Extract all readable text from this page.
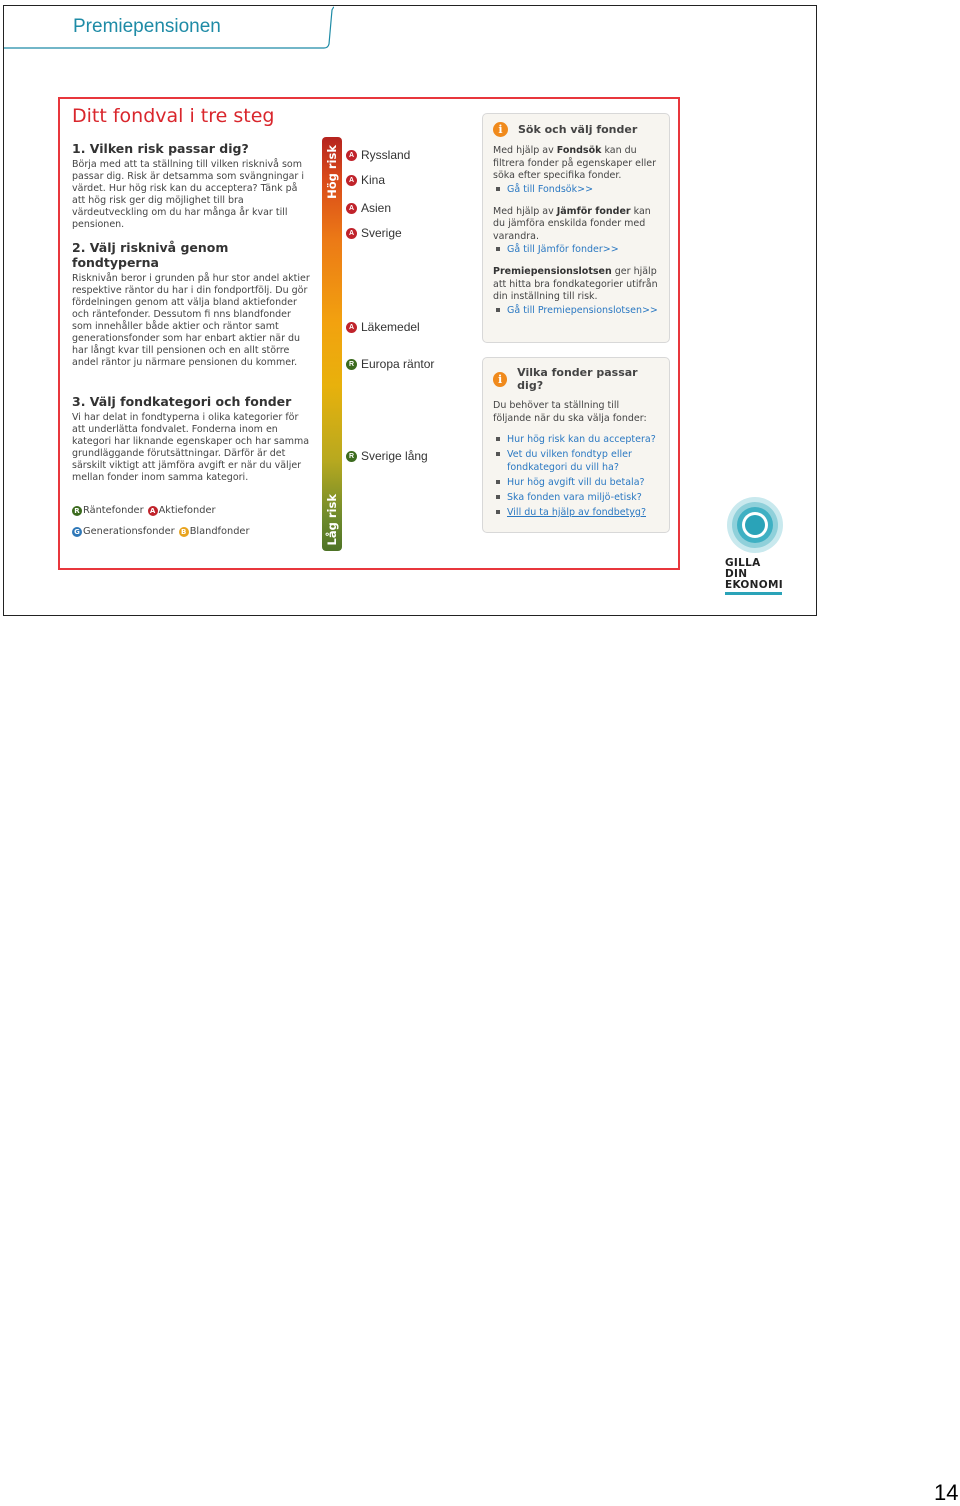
Premiepensionen
Ditt fondval i tre steg
1. Vilken risk passar dig?

Börja med att ta ställning till vilken risknivå som passar dig. Risk är detsamma som svängningar i värdet. Hur hög risk kan du acceptera? Tänk på att hög risk ger dig möjlighet till bra värdeutveckling om du har många år kvar till pensionen.

2. Välj risknivå genom fondtyperna

Risknivån beror i grunden på hur stor andel aktier respektive räntor du har i din fondportfölj. Du gör fördelningen genom att välja bland aktiefonder och räntefonder. Dessutom fi nns blandfonder som innehåller både aktier och räntor samt generationsfonder som har enbart aktier när du har långt kvar till pensionen och en allt större andel räntor ju närmare pensionen du kommer.

3. Välj fondkategori och fonder

Vi har delat in fondtyperna i olika kategorier för att underlätta fondvalet. Fonderna inom en kategori har liknande egenskaper och har samma grundläggande förutsättningar. Därför är det särskilt viktigt att jämföra avgift er när du väljer mellan fonder inom samma kategori.

R Räntefonder A Aktiefonder
G Generationsfonder B Blandfonder
Hög risk
Låg risk
A Ryssland
A Kina
A Asien
A Sverige
A Läkemedel
R Europa räntor
R Sverige lång
i	Sök och välj fonder

Med hjälp av Fondsök kan du filtrera fonder på egenskaper eller söka efter specifika fonder.

Gå till Fondsök>>

Med hjälp av Jämför fonder kan du jämföra enskilda fonder med varandra.

Gå till Jämför fonder>>

Premiepensionslotsen ger hjälp att hitta bra fondkategorier utifrån din inställning till risk.

Gå till Premiepensionslotsen>>
i	Vilka fonder passar dig?

Du behöver ta ställning till följande när du ska välja fonder:

Hur hög risk kan du acceptera?
Vet du vilken fondtyp eller fondkategori du vill ha?
Hur hög avgift vill du betala?
Ska fonden vara miljö-etisk?
Vill du ta hjälp av fondbetyg?
GILLA DIN
EKONOMI
14
